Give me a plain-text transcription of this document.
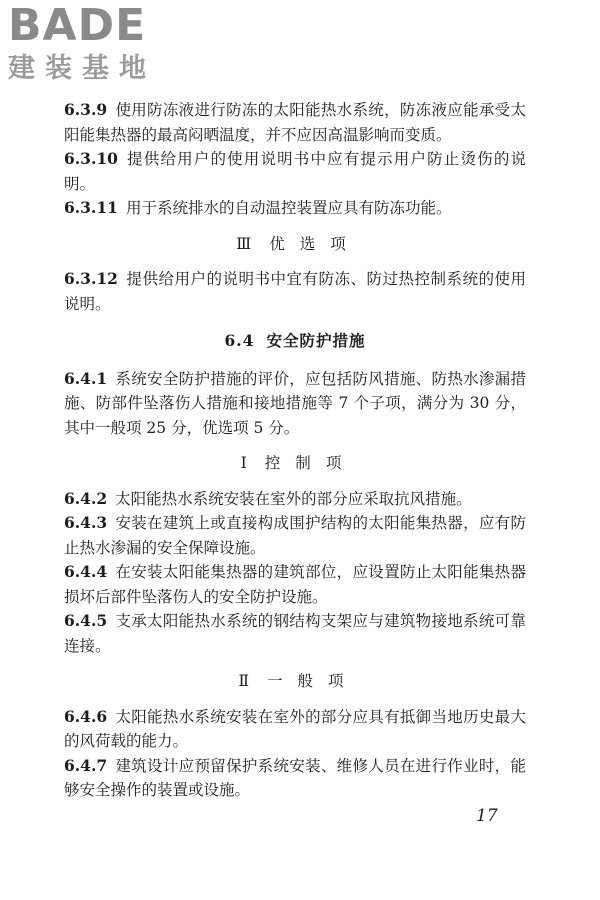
BADE
建装基地

6.3.9 使用防冻液进行防冻的太阳能热水系统，防冻液应能承受太阳能集热器的最高闷晒温度，并不应因高温影响而变质。

6.3.10 提供给用户的使用说明书中应有提示用户防止烫伤的说明。

6.3.11 用于系统排水的自动温控装置应具有防冻功能。

Ⅲ 优 选 项

6.3.12 提供给用户的说明书中宜有防冻、防过热控制系统的使用说明。

6.4 安全防护措施

6.4.1 系统安全防护措施的评价，应包括防风措施、防热水渗漏措施、防部件坠落伤人措施和接地措施等 7 个子项，满分为 30 分，其中一般项 25 分，优选项 5 分。

Ⅰ 控 制 项

6.4.2 太阳能热水系统安装在室外的部分应采取抗风措施。

6.4.3 安装在建筑上或直接构成围护结构的太阳能集热器，应有防止热水渗漏的安全保障设施。

6.4.4 在安装太阳能集热器的建筑部位，应设置防止太阳能集热器损坏后部件坠落伤人的安全防护设施。

6.4.5 支承太阳能热水系统的钢结构支架应与建筑物接地系统可靠连接。

Ⅱ 一 般 项

6.4.6 太阳能热水系统安装在室外的部分应具有抵御当地历史最大的风荷载的能力。

6.4.7 建筑设计应预留保护系统安装、维修人员在进行作业时，能够安全操作的装置或设施。

17
